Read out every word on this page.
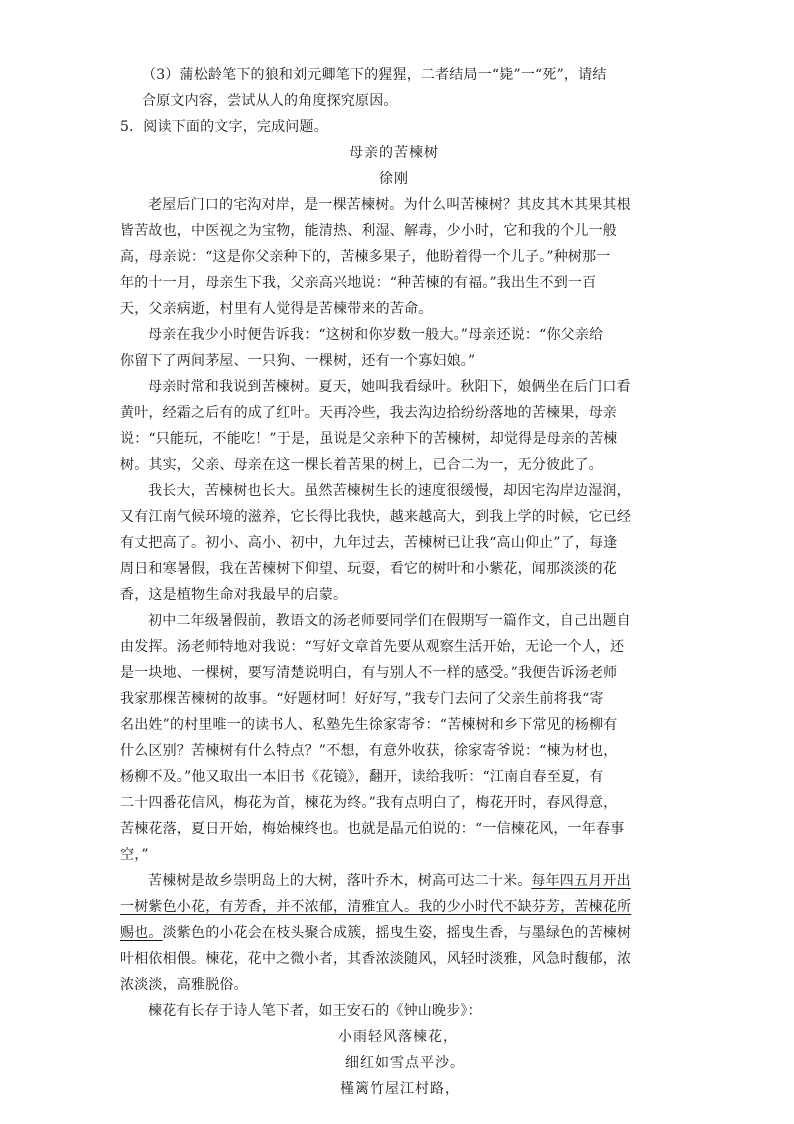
（3）蒲松龄笔下的狼和刘元卿笔下的猩猩，二者结局一“毙”一“死”，请结
合原文内容，尝试从人的角度探究原因。
5．阅读下面的文字，完成问题。
母亲的苦楝树
徐刚
老屋后门口的宅沟对岸，是一棵苦楝树。为什么叫苦楝树？其皮其木其果其根
皆苦故也，中医视之为宝物，能清热、利湿、解毒，少小时，它和我的个儿一般
高，母亲说：“这是你父亲种下的，苦楝多果子，他盼着得一个儿子。”种树那一
年的十一月，母亲生下我，父亲高兴地说：“种苦楝的有福。”我出生不到一百
天，父亲病逝，村里有人觉得是苦楝带来的苦命。
母亲在我少小时便告诉我：“这树和你岁数一般大。”母亲还说：“你父亲给
你留下了两间茅屋、一只狗、一棵树，还有一个寡妇娘。”
母亲时常和我说到苦楝树。夏天，她叫我看绿叶。秋阳下，娘俩坐在后门口看
黄叶，经霜之后有的成了红叶。天再冷些，我去沟边拾纷纷落地的苦楝果，母亲
说：“只能玩，不能吃！”于是，虽说是父亲种下的苦楝树，却觉得是母亲的苦楝
树。其实，父亲、母亲在这一棵长着苦果的树上，已合二为一，无分彼此了。
我长大，苦楝树也长大。虽然苦楝树生长的速度很缓慢，却因宅沟岸边湿润，
又有江南气候环境的滋养，它长得比我快，越来越高大，到我上学的时候，它已经
有丈把高了。初小、高小、初中，九年过去，苦楝树已让我“高山仰止”了，每逢
周日和寒暑假，我在苦楝树下仰望、玩耍，看它的树叶和小紫花，闻那淡淡的花
香，这是植物生命对我最早的启蒙。
初中二年级暑假前，教语文的汤老师要同学们在假期写一篇作文，自己出题自
由发挥。汤老师特地对我说：“写好文章首先要从观察生活开始，无论一个人，还
是一块地、一棵树，要写清楚说明白，有与别人不一样的感受。”我便告诉汤老师
我家那棵苦楝树的故事。“好题材呵！好好写，”我专门去问了父亲生前将我“寄
名出姓”的村里唯一的读书人、私塾先生徐家寄爷：“苦楝树和乡下常见的杨柳有
什么区别？苦楝树有什么特点？”不想，有意外收获，徐家寄爷说：“楝为材也，
杨柳不及。”他又取出一本旧书《花镜》，翻开，读给我听：“江南自春至夏，有
二十四番花信风，梅花为首，楝花为终。”我有点明白了，梅花开时，春风得意，
苦楝花落，夏日开始，梅始楝终也。也就是晶元伯说的：“一信楝花风，一年春事
空，”
苦楝树是故乡崇明岛上的大树，落叶乔木，树高可达二十米。每年四五月开出
一树紫色小花，有芳香，并不浓郁，清雅宜人。我的少小时代不缺芬芳，苦楝花所
赐也。淡紫色的小花会在枝头聚合成簇，摇曳生姿，摇曳生香，与墨绿色的苦楝树
叶相依相偎。楝花，花中之微小者，其香浓淡随风，风轻时淡雅，风急时馥郁，浓
浓淡淡，高雅脱俗。
楝花有长存于诗人笔下者，如王安石的《钟山晚步》：
小雨轻风落楝花，
细红如雪点平沙。
槿篱竹屋江村路，
